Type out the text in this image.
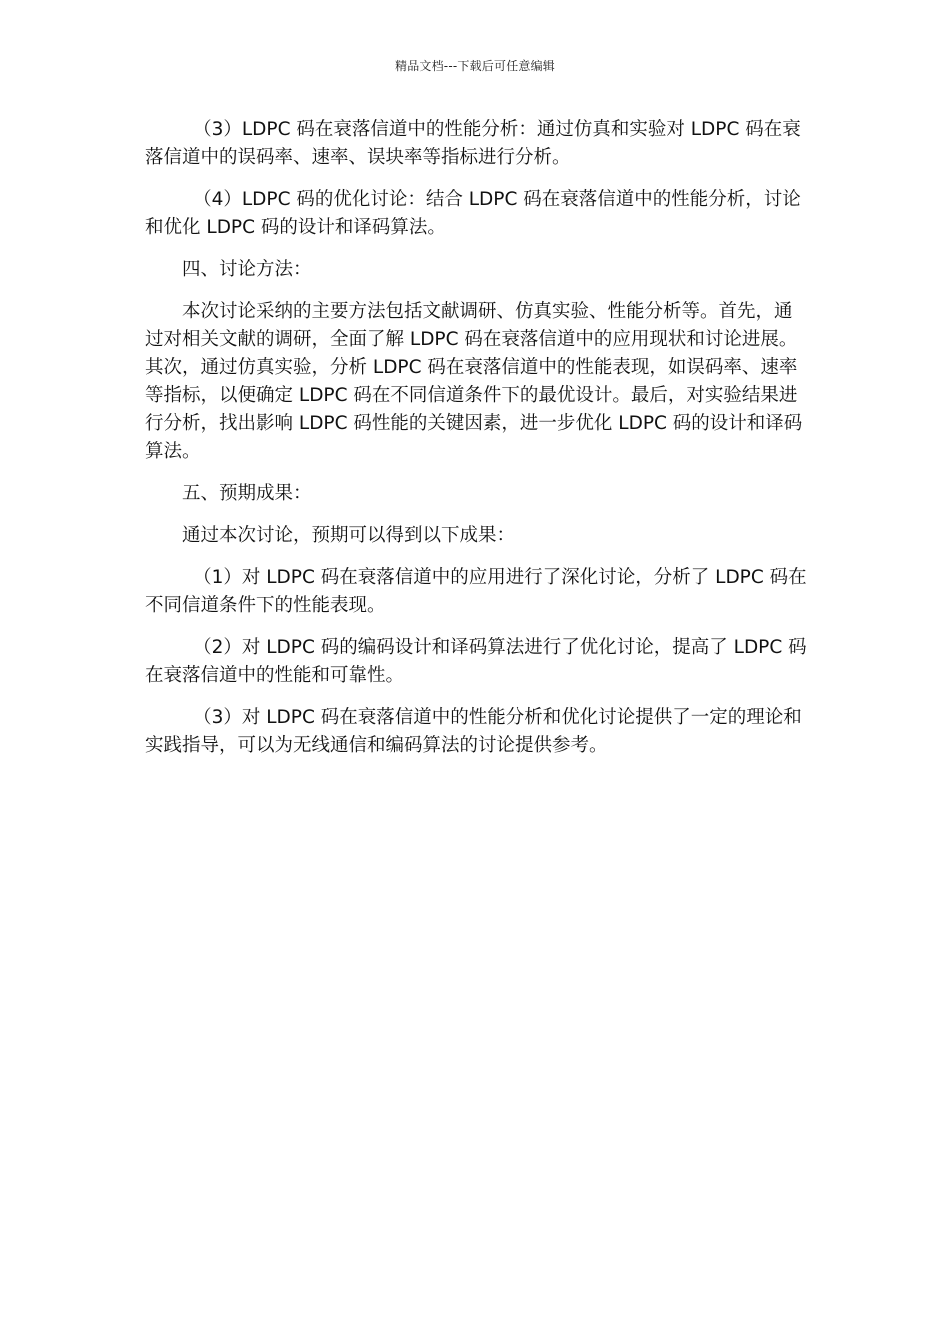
精品文档---下载后可任意编辑

（3）LDPC 码在衰落信道中的性能分析：通过仿真和实验对 LDPC 码在衰落信道中的误码率、速率、误块率等指标进行分析。

（4）LDPC 码的优化讨论：结合 LDPC 码在衰落信道中的性能分析，讨论和优化 LDPC 码的设计和译码算法。

四、讨论方法：

本次讨论采纳的主要方法包括文献调研、仿真实验、性能分析等。首先，通过对相关文献的调研，全面了解 LDPC 码在衰落信道中的应用现状和讨论进展。其次，通过仿真实验，分析 LDPC 码在衰落信道中的性能表现，如误码率、速率等指标，以便确定 LDPC 码在不同信道条件下的最优设计。最后，对实验结果进行分析，找出影响 LDPC 码性能的关键因素，进一步优化 LDPC 码的设计和译码算法。

五、预期成果：

通过本次讨论，预期可以得到以下成果：

（1）对 LDPC 码在衰落信道中的应用进行了深化讨论，分析了 LDPC 码在不同信道条件下的性能表现。

（2）对 LDPC 码的编码设计和译码算法进行了优化讨论，提高了 LDPC 码在衰落信道中的性能和可靠性。

（3）对 LDPC 码在衰落信道中的性能分析和优化讨论提供了一定的理论和实践指导，可以为无线通信和编码算法的讨论提供参考。
